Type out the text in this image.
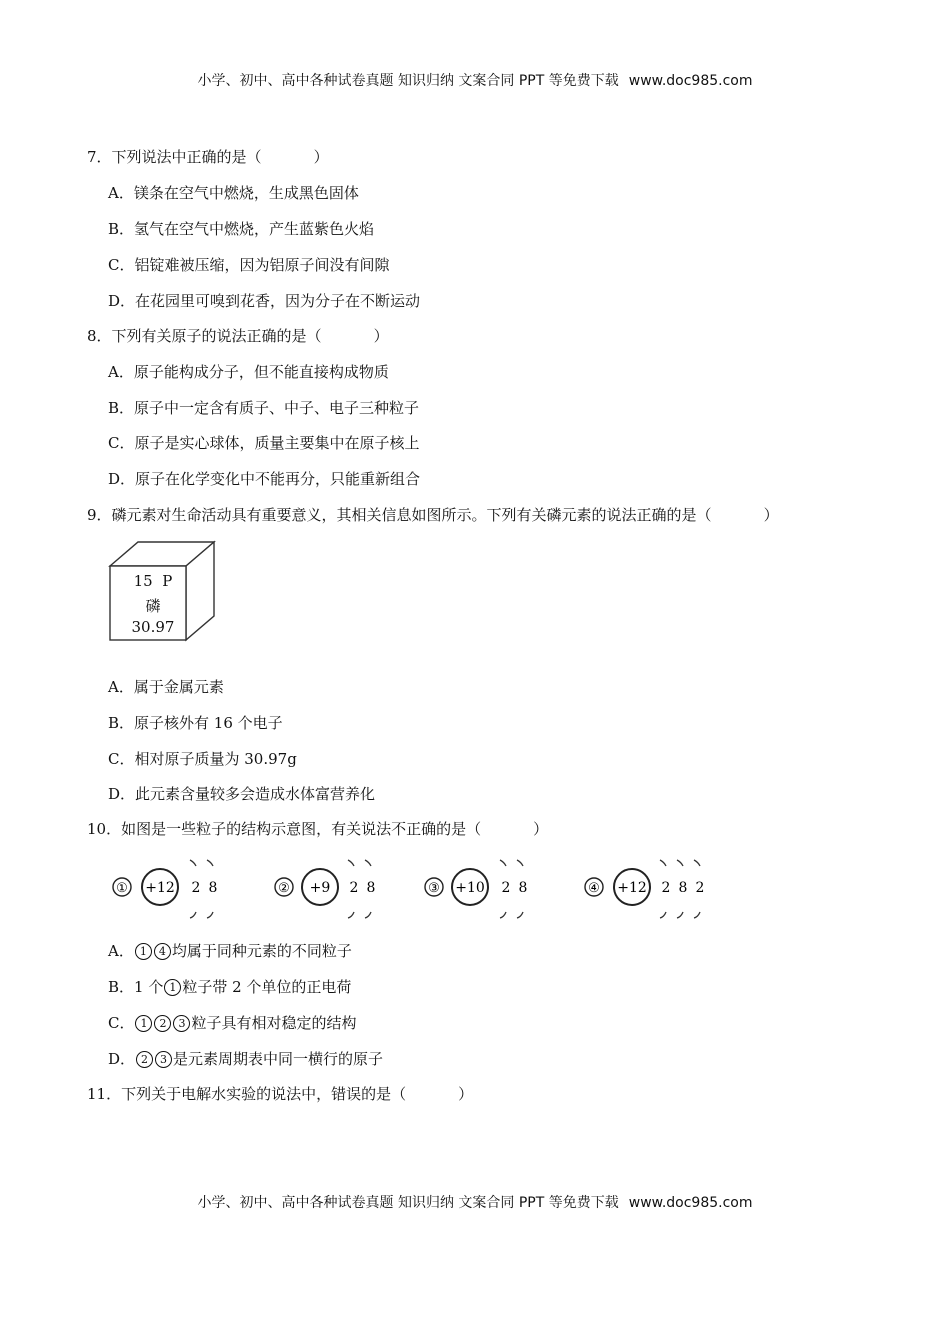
小学、初中、高中各种试卷真题 知识归纳 文案合同 PPT 等免费下载 www.doc985.com
7．下列说法中正确的是（	）
A．镁条在空气中燃烧，生成黑色固体
B．氢气在空气中燃烧，产生蓝紫色火焰
C．铝锭难被压缩，因为铝原子间没有间隙
D．在花园里可嗅到花香，因为分子在不断运动
8．下列有关原子的说法正确的是（	）
A．原子能构成分子，但不能直接构成物质
B．原子中一定含有质子、中子、电子三种粒子
C．原子是实心球体，质量主要集中在原子核上
D．原子在化学变化中不能再分，只能重新组合
9．磷元素对生命活动具有重要意义，其相关信息如图所示。下列有关磷元素的说法正确的是（	）
15 P
磷
30.97
A．属于金属元素
B．原子核外有 16 个电子
C．相对原子质量为 30.97g
D．此元素含量较多会造成水体富营养化
10．如图是一些粒子的结构示意图，有关说法不正确的是（	）
① +12 2 8	② +9 2 8	③ +10 2 8	④ +12 2 8 2
A． 1 4 均属于同种元素的不同粒子
B．1 个 1 粒子带 2 个单位的正电荷
C． 1 2 3 粒子具有相对稳定的结构
D． 2 3 是元素周期表中同一横行的原子
11．下列关于电解水实验的说法中，错误的是（	）
小学、初中、高中各种试卷真题 知识归纳 文案合同 PPT 等免费下载 www.doc985.com
